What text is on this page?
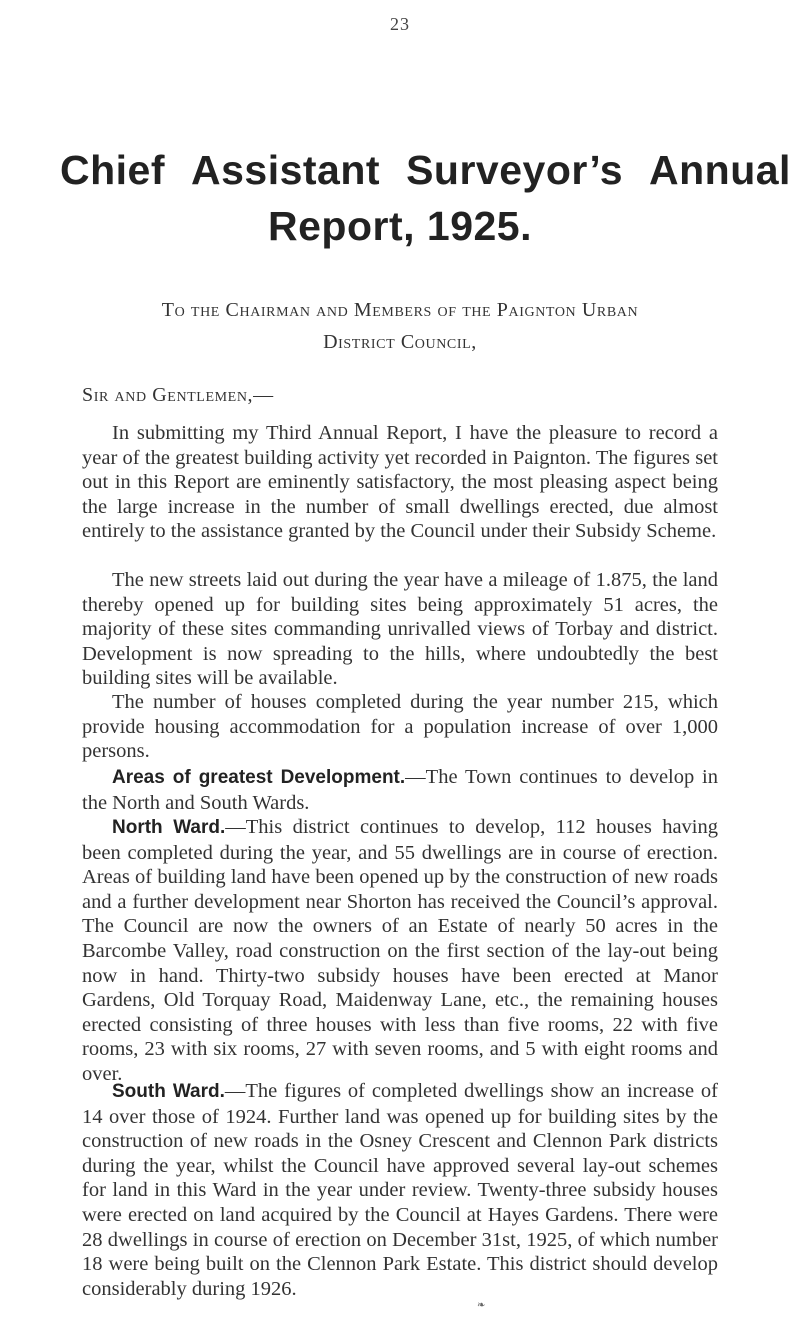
23
Chief Assistant Surveyor’s Annual
Report, 1925.
To the Chairman and Members of the Paignton Urban
District Council,
Sir and Gentlemen,—

In submitting my Third Annual Report, I have the pleasure to record a year of the greatest building activity yet recorded in Paignton. The figures set out in this Report are eminently satisfactory, the most pleasing aspect being the large increase in the number of small dwellings erected, due almost entirely to the assistance granted by the Council under their Subsidy Scheme.

The new streets laid out during the year have a mileage of 1.875, the land thereby opened up for building sites being approximately 51 acres, the majority of these sites commanding unrivalled views of Torbay and district. Development is now spreading to the hills, where undoubtedly the best building sites will be available.

The number of houses completed during the year number 215, which provide housing accommodation for a population increase of over 1,000 persons.

Areas of greatest Development.—The Town continues to develop in the North and South Wards.

North Ward.—This district continues to develop, 112 houses having been completed during the year, and 55 dwellings are in course of erection. Areas of building land have been opened up by the construction of new roads and a further development near Shorton has received the Council’s approval. The Council are now the owners of an Estate of nearly 50 acres in the Barcombe Valley, road construction on the first section of the lay-out being now in hand. Thirty-two subsidy houses have been erected at Manor Gardens, Old Torquay Road, Maidenway Lane, etc., the remaining houses erected consisting of three houses with less than five rooms, 22 with five rooms, 23 with six rooms, 27 with seven rooms, and 5 with eight rooms and over.

South Ward.—The figures of completed dwellings show an increase of 14 over those of 1924. Further land was opened up for building sites by the construction of new roads in the Osney Crescent and Clennon Park districts during the year, whilst the Council have approved several lay-out schemes for land in this Ward in the year under review. Twenty-three subsidy houses were erected on land acquired by the Council at Hayes Gardens. There were 28 dwellings in course of erection on December 31st, 1925, of which number 18 were being built on the Clennon Park Estate. This district should develop considerably during 1926.

❧
